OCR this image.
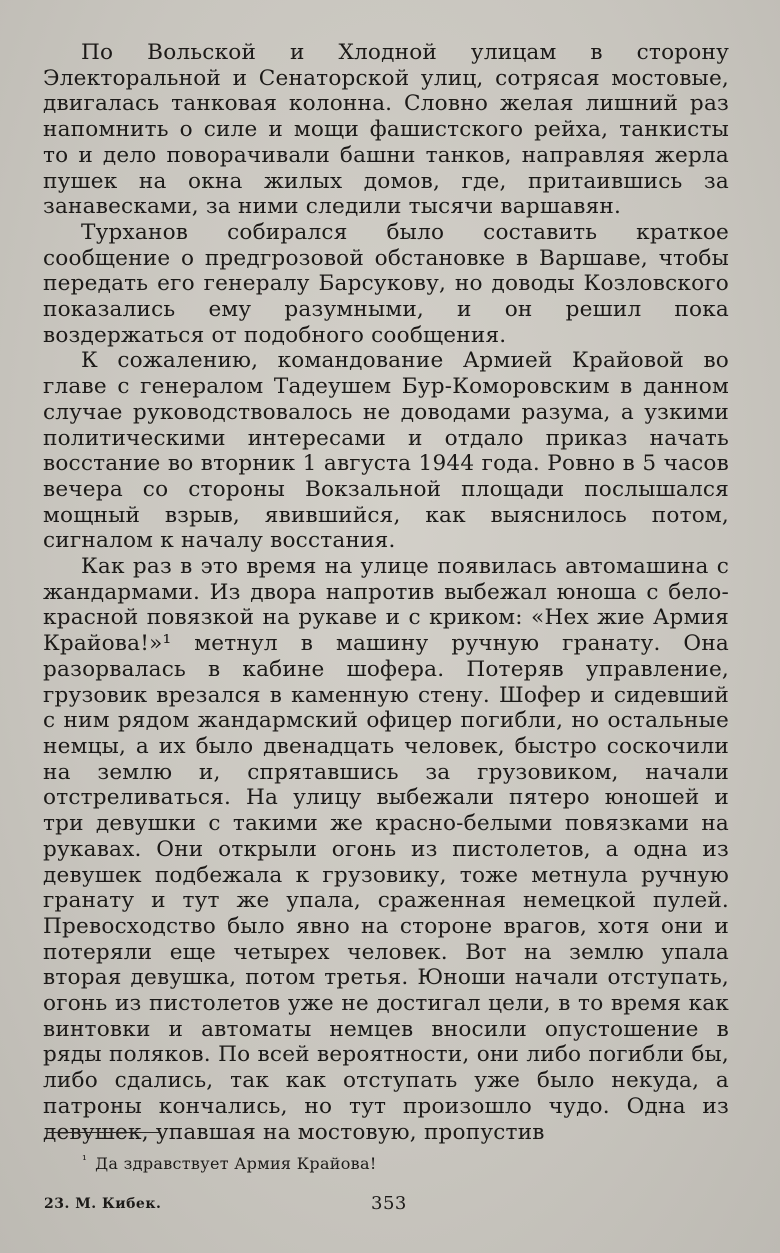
По Вольской и Хлодной улицам в сторону Электоральной и Сенаторской улиц, сотрясая мостовые, двигалась танковая колонна. Словно желая лишний раз напомнить о силе и мощи фашистского рейха, танкисты то и дело поворачивали башни танков, направляя жерла пушек на окна жилых домов, где, притаившись за занавесками, за ними следили тысячи варшавян.

Турханов собирался было составить краткое сообщение о предгрозовой обстановке в Варшаве, чтобы передать его генералу Барсукову, но доводы Козловского показались ему разумными, и он решил пока воздержаться от подобного сообщения.

К сожалению, командование Армией Крайовой во главе с генералом Тадеушем Бур-Коморовским в данном случае руководствовалось не доводами разума, а узкими политическими интересами и отдало приказ начать восстание во вторник 1 августа 1944 года. Ровно в 5 часов вечера со стороны Вокзальной площади послышался мощный взрыв, явившийся, как выяснилось потом, сигналом к началу восстания.

Как раз в это время на улице появилась автомашина с жандармами. Из двора напротив выбежал юноша с бело-красной повязкой на рукаве и с криком: «Нех жие Армия Крайова!»¹ метнул в машину ручную гранату. Она разорвалась в кабине шофера. Потеряв управление, грузовик врезался в каменную стену. Шофер и сидевший с ним рядом жандармский офицер погибли, но остальные немцы, а их было двенадцать человек, быстро соскочили на землю и, спрятавшись за грузовиком, начали отстреливаться. На улицу выбежали пятеро юношей и три девушки с такими же красно-белыми повязками на рукавах. Они открыли огонь из пистолетов, а одна из девушек подбежала к грузовику, тоже метнула ручную гранату и тут же упала, сраженная немецкой пулей. Превосходство было явно на стороне врагов, хотя они и потеряли еще четырех человек. Вот на землю упала вторая девушка, потом третья. Юноши начали отступать, огонь из пистолетов уже не достигал цели, в то время как винтовки и автоматы немцев вносили опустошение в ряды поляков. По всей вероятности, они либо погибли бы, либо сдались, так как отступать уже было некуда, а патроны кончались, но тут произошло чудо. Одна из девушек, упавшая на мостовую, пропустив

$^{^1}$ Да здравствует Армия Крайова!
23. М. Кибек.	353
